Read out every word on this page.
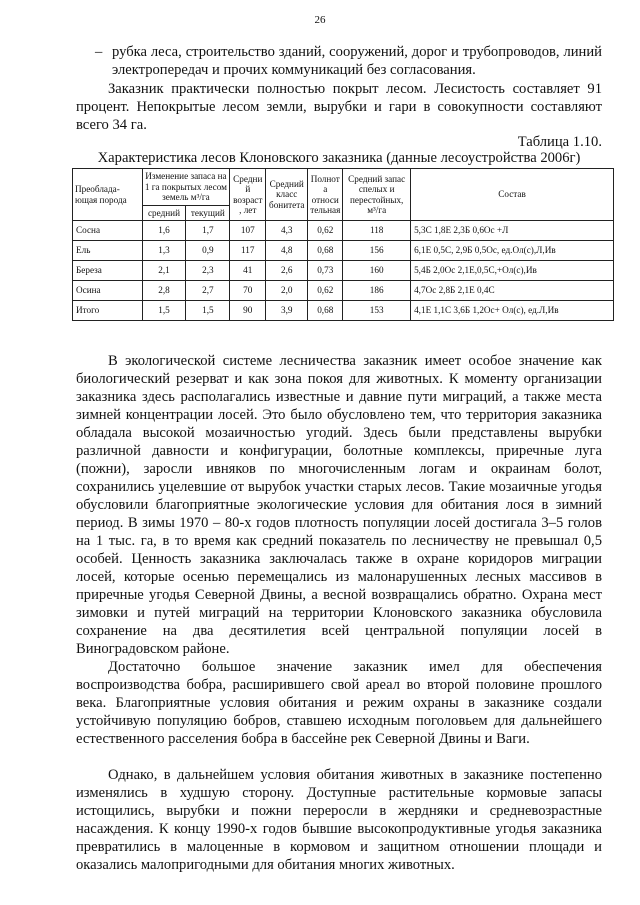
26
– рубка леса, строительство зданий, сооружений, дорог и трубопроводов, линий электропередач и прочих коммуникаций без согласования.

Заказник практически полностью покрыт лесом. Лесистость составляет 91 процент. Непокрытые лесом земли, вырубки и гари в совокупности составляют всего 34 га.

Таблица 1.10.
Характеристика лесов Клоновского заказника (данные лесоустройства 2006г)
Преоблада-ющая порода	Изменение запаса на 1 га покрытых лесом земель м³/га		Средни й возраст , лет	Средний класс бонитета	Полнот а относи тельная	Средний запас спелых и перестойных, м³/га	Состав
	средний	текущий					
Сосна	1,6	1,7	107	4,3	0,62	118	5,3С 1,8Е 2,3Б 0,6Ос +Л
Ель	1,3	0,9	117	4,8	0,68	156	6,1Е 0,5С, 2,9Б 0,5Ос, ед.Ол(с),Л,Ив
Береза	2,1	2,3	41	2,6	0,73	160	5,4Б 2,0Ос 2,1Е,0,5С,+Ол(с),Ив
Осина	2,8	2,7	70	2,0	0,62	186	4,7Ос 2,8Б 2,1Е 0,4С
Итого	1,5	1,5	90	3,9	0,68	153	4,1Е 1,1С 3,6Б 1,2Ос+ Ол(с), ед.Л,Ив

В экологической системе лесничества заказник имеет особое значение как биологический резерват и как зона покоя для животных. К моменту организации заказника здесь располагались известные и давние пути миграций, а также места зимней концентрации лосей. Это было обусловлено тем, что территория заказника обладала высокой мозаичностью угодий. Здесь были представлены вырубки различной давности и конфигурации, болотные комплексы, приречные луга (пожни), заросли ивняков по многочисленным логам и окраинам болот, сохранились уцелевшие от вырубок участки старых лесов. Такие мозаичные угодья обусловили благоприятные экологические условия для обитания лося в зимний период. В зимы 1970 – 80-х годов плотность популяции лосей достигала 3–5 голов на 1 тыс. га, в то время как средний показатель по лесничеству не превышал 0,5 особей. Ценность заказника заключалась также в охране коридоров миграции лосей, которые осенью перемещались из малонарушенных лесных массивов в приречные угодья Северной Двины, а весной возвращались обратно. Охрана мест зимовки и путей миграций на территории Клоновского заказника обусловила сохранение на два десятилетия всей центральной популяции лосей в Виноградовском районе.

Достаточно большое значение заказник имел для обеспечения воспроизводства бобра, расширившего свой ареал во второй половине прошлого века. Благоприятные условия обитания и режим охраны в заказнике создали устойчивую популяцию бобров, ставшею исходным поголовьем для дальнейшего естественного расселения бобра в бассейне рек Северной Двины и Ваги.

Однако, в дальнейшем условия обитания животных в заказнике постепенно изменялись в худшую сторону. Доступные растительные кормовые запасы истощились, вырубки и пожни переросли в жердняки и средневозрастные насаждения. К концу 1990-х годов бывшие высокопродуктивные угодья заказника превратились в малоценные в кормовом и защитном отношении площади и оказались малопригодными для обитания многих животных.
